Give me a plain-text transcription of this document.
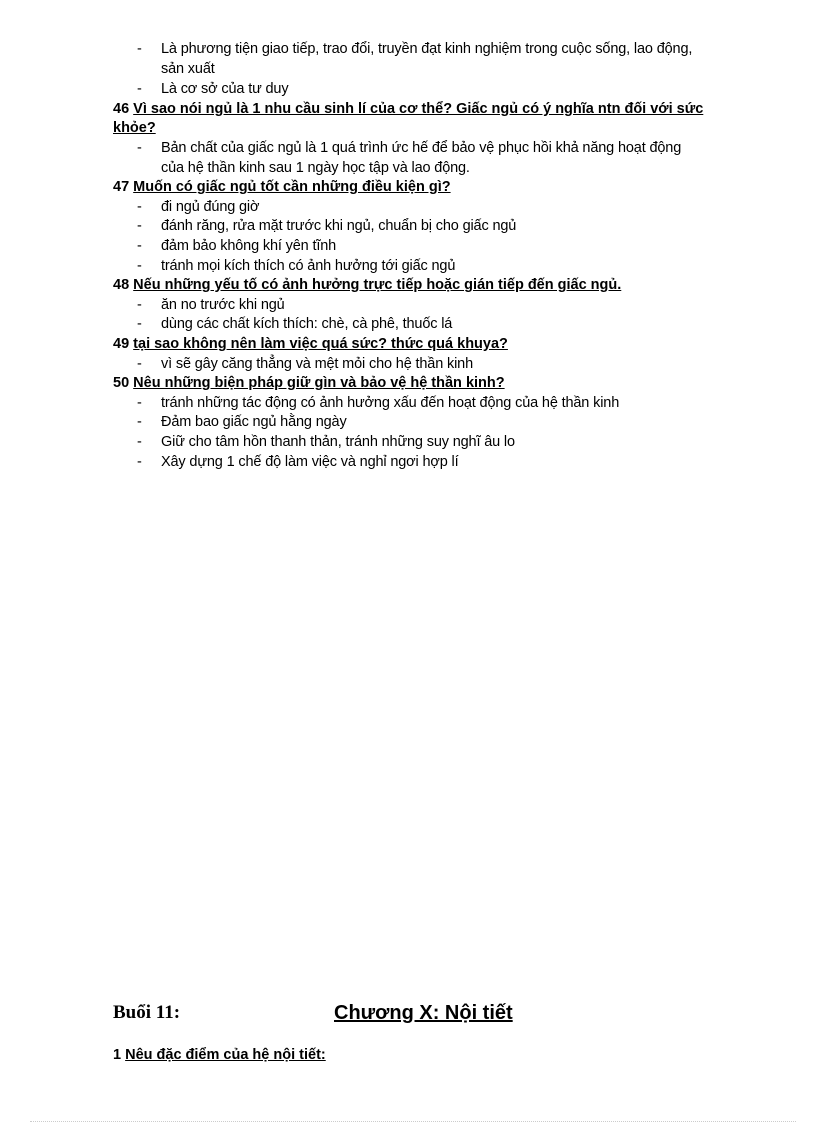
- Là phương tiện giao tiếp, trao đổi, truyền đạt kinh nghiệm trong cuộc sống, lao động,
sản xuất
- Là cơ sở của tư duy
46 Vì sao nói ngủ là 1 nhu cầu sinh lí của cơ thể? Giấc ngủ có ý nghĩa ntn đối với sức
khỏe?
- Bản chất của giấc ngủ là 1 quá trình ức hế để bảo vệ phục hồi khả năng hoạt động
của hệ thần kinh sau 1 ngày học tập và lao động.
47 Muốn có giấc ngủ tốt cần những điều kiện gì?
- đi ngủ đúng giờ
- đánh răng, rửa mặt trước khi ngủ, chuẩn bị cho giấc ngủ
- đảm bảo không khí yên tĩnh
- tránh mọi kích thích có ảnh hưởng tới giấc ngủ
48 Nếu những yếu tố có ảnh hưởng trực tiếp hoặc gián tiếp đến giấc ngủ.
- ăn no trước khi ngủ
- dùng các chất kích thích: chè, cà phê, thuốc lá
49 tại sao không nên làm việc quá sức? thức quá khuya?
- vì sẽ gây căng thẳng và mệt mỏi cho hệ thần kinh
50 Nêu những biện pháp giữ gìn và bảo vệ hệ thần kinh?
- tránh những tác động có ảnh hưởng xấu đến hoạt động của hệ thần kinh
- Đảm bao giấc ngủ hằng ngày
- Giữ cho tâm hồn thanh thản, tránh những suy nghĩ âu lo
- Xây dựng 1 chế độ làm việc và nghỉ ngơi hợp lí
Buổi 11:	Chương X: Nội tiết
1 Nêu đặc điểm của hệ nội tiết:
